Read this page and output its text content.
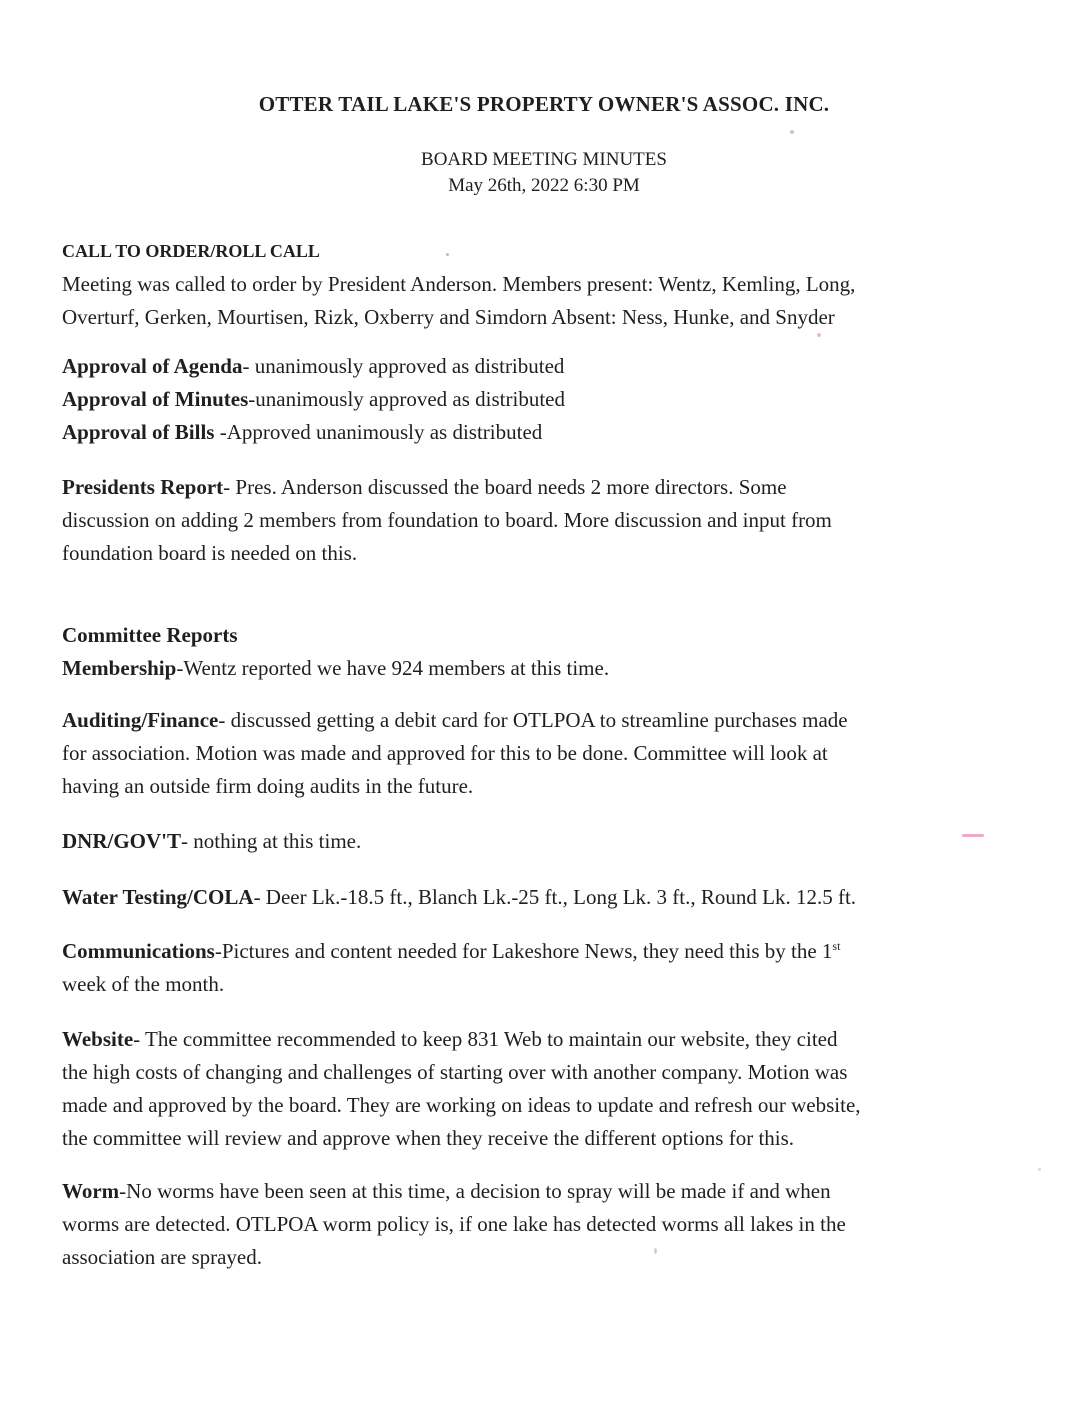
OTTER TAIL LAKE'S PROPERTY OWNER'S ASSOC. INC.
BOARD MEETING MINUTES
May 26th, 2022 6:30 PM
CALL TO ORDER/ROLL CALL
Meeting was called to order by President Anderson. Members present: Wentz, Kemling, Long,
Overturf, Gerken, Mourtisen, Rizk, Oxberry and Simdorn Absent: Ness, Hunke, and Snyder
Approval of Agenda- unanimously approved as distributed
Approval of Minutes-unanimously approved as distributed
Approval of Bills -Approved unanimously as distributed
Presidents Report- Pres. Anderson discussed the board needs 2 more directors. Some
discussion on adding 2 members from foundation to board. More discussion and input from
foundation board is needed on this.
Committee Reports
Membership-Wentz reported we have 924 members at this time.
Auditing/Finance- discussed getting a debit card for OTLPOA to streamline purchases made
for association. Motion was made and approved for this to be done. Committee will look at
having an outside firm doing audits in the future.
DNR/GOV'T- nothing at this time.
Water Testing/COLA- Deer Lk.-18.5 ft., Blanch Lk.-25 ft., Long Lk. 3 ft., Round Lk. 12.5 ft.
Communications-Pictures and content needed for Lakeshore News, they need this by the 1st
week of the month.
Website- The committee recommended to keep 831 Web to maintain our website, they cited
the high costs of changing and challenges of starting over with another company. Motion was
made and approved by the board. They are working on ideas to update and refresh our website,
the committee will review and approve when they receive the different options for this.
Worm-No worms have been seen at this time, a decision to spray will be made if and when
worms are detected. OTLPOA worm policy is, if one lake has detected worms all lakes in the
association are sprayed.
